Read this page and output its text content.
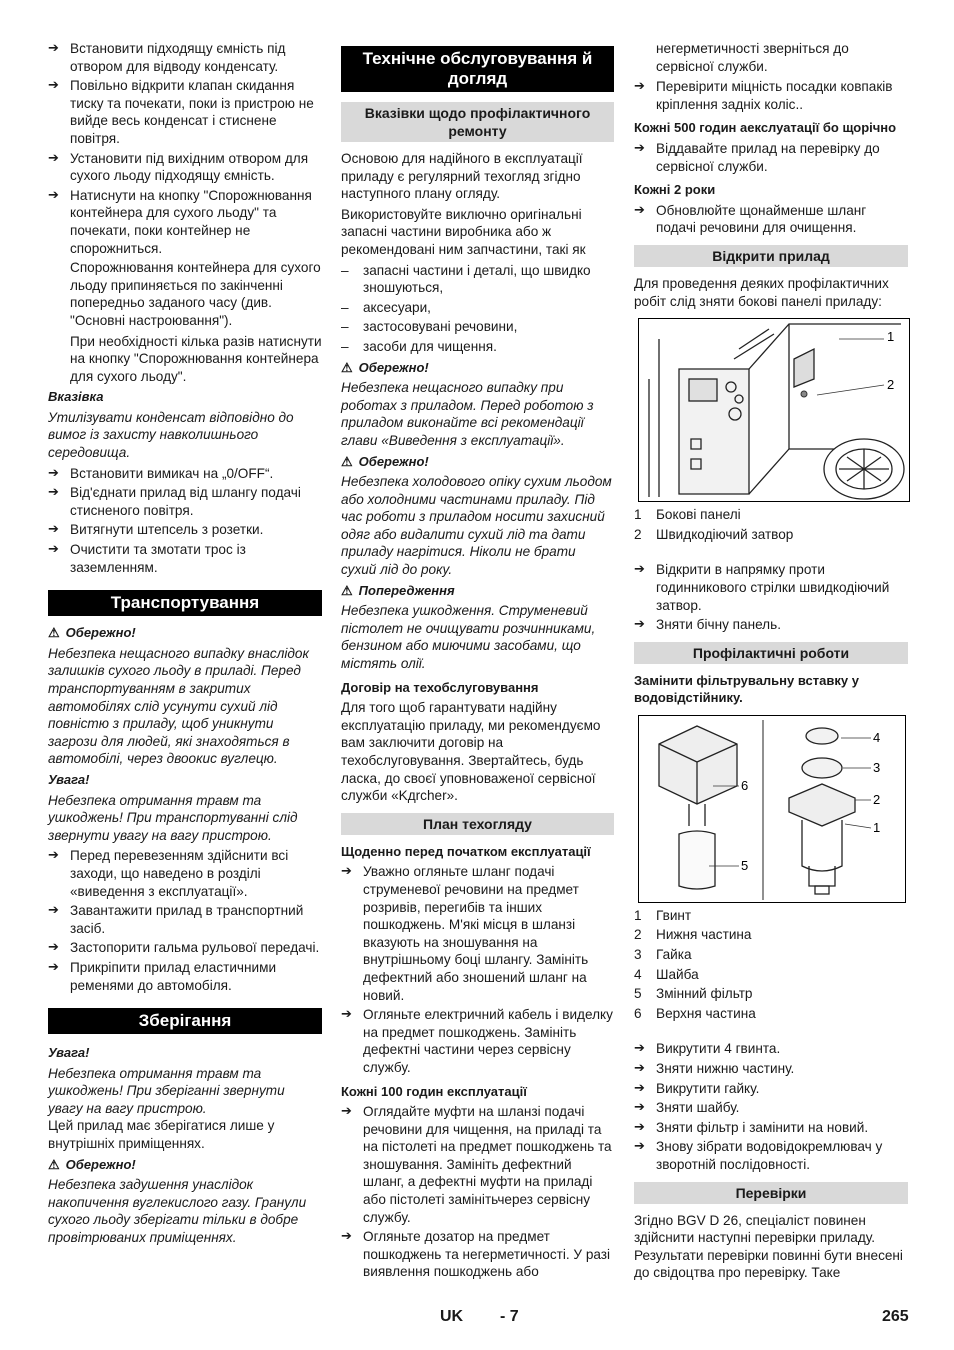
➔ Встановити підходящу ємність під отвором для відводу конденсату.

➔ Повільно відкрити клапан скидання тиску та почекати, поки із пристрою не вийде весь конденсат і стиснене повітря.

➔ Установити під вихідним отвором для сухого льоду підходящу ємність.

➔ Натиснути на кнопку "Спорожнювання контейнера для сухого льоду" та почекати, поки контейнер не спорожниться.

Спорожнювання контейнера для сухого льоду припиняється по закінченні попередньо заданого часу (див. "Основні настроювання").

При необхідності кілька разів натиснути на кнопку "Спорожнювання контейнера для сухого льоду".

Вказівка

Утилізувати конденсат відповідно до вимог із захисту навколишнього середовища.

➔ Встановити вимикач на „0/OFF“.

➔ Від'єднати прилад від шлангу подачі стисненого повітря.

➔ Витягнути штепсель з розетки.

➔ Очистити та змотати трос із заземленням.

Транспортування

⚠ Обережно!

Небезпека нещасного випадку внаслідок залишків сухого льоду в приладі. Перед транспортуванням в закритих автомобілях слід усунути сухий лід повністю з приладу, щоб уникнути загрози для людей, які знаходяться в автомобілі, через двоокис вуглецю.

Увага!

Небезпека отримання травм та ушкоджень! При транспортуванні слід звернути увагу на вагу пристрою.

➔ Перед перевезенням здійснити всі заходи, що наведено в розділі «виведення з експлуатації».

➔ Завантажити прилад в транспортний засіб.

➔ Застопорити гальма рульової передачі.

➔ Прикріпити прилад еластичними ременями до автомобіля.

Зберігання

Увага!

Небезпека отримання травм та ушкоджень! При зберіганні звернути увагу на вагу пристрою.

Цей прилад має зберігатися лише у внутрішніх приміщеннях.

⚠ Обережно!

Небезпека задушення унаслідок накопичення вуглекислого газу. Гранули сухого льоду зберігати тільки в добре провітрюваних приміщеннях.

Технічне обслуговування й догляд
Вказівки щодо профілактичного ремонту

Основою для надійного в експлуатації приладу є регулярний техогляд згідно наступного плану огляду.

Використовуйте виключно оригінальні запасні частини виробника або ж рекомендовані ним запчастини, такі як

– запасні частини і деталі, що швидко зношуються,

– аксесуари,

– застосовувані речовини,

– засоби для чищення.

⚠ Обережно!

Небезпека нещасного випадку при роботах з приладом. Перед роботою з приладом виконайте всі рекомендації глави «Виведення з експлуатації».

⚠ Обережно!

Небезпека холодового опіку сухим льодом або холодними частинами приладу. Під час роботи з приладом носити захисний одяг або видалити сухий лід та дати приладу нагрітися. Ніколи не брати сухий лід до року.

⚠ Попередження

Небезпека ушкодження. Струменевий пістолет не очищувати розчинниками, бензином або миючими засобами, що містять олії.

Договір на техобслуговування

Для того щоб гарантувати надійну експлуатацію приладу, ми рекомендуємо вам заключити договір на техобслуговування. Звертайтесь, будь ласка, до своєї уповноваженої сервісної служби «Kдrcher».

План техогляду

Щоденно перед початком експлуатації

➔ Уважно огляньте шланг подачі струменевої речовини на предмет розривів, перегибів та інших пошкоджень. М'які місця в шланзі вказують на зношування на внутрішньому боці шлангу. Замініть дефектний або зношений шланг на новий.

➔ Огляньте електричний кабель і виделку на предмет пошкоджень. Замініть дефектні частини через сервісну службу.

Кожні 100 годин експлуатації

➔ Оглядайте муфти на шланзі подачі речовини для чищення, на приладі та на пістолеті на предмет пошкоджень та зношування. Замініть дефектний шланг, а дефектні муфти на приладі або пістолеті замінітьчерез сервісну службу.

➔ Огляньте дозатор на предмет пошкоджень та негерметичності. У разі виявлення пошкоджень або

негерметичності зверніться до сервісної служби.

➔ Перевірити міцність посадки ковпаків кріплення задніх коліс..

Кожні 500 годин аекслуатації бо щорічно

➔ Віддавайте прилад на перевірку до сервісної служби.

Кожні 2 роки

➔ Обновлюйте щонайменше шланг подачі речовини для очищення.

Відкрити прилад

Для проведення деяких профілактичних робіт слід зняти бокові панелі приладу:

1
2
1	Бокові панелі
2	Швидкодіючий затвор

➔ Відкрити в напрямку проти годинникового стрілки швидкодіючий затвор.

➔ Зняти бічну панель.

Профілактичні роботи

Замінити фільтрувальну вставку у водовідстійнику.

6
5
4
3
2
1
1	Гвинт
2	Нижня частина
3	Гайка
4	Шайба
5	Змінний фільтр
6	Верхня частина

➔ Викрутити 4 гвинта.

➔ Зняти нижню частину.

➔ Викрутити гайку.

➔ Зняти шайбу.

➔ Зняти фільтр і замінити на новий.

➔ Знову зібрати водовідокремлювач у зворотній послідовності.

Перевірки

Згідно BGV D 26, спеціаліст повинен здійснити наступні перевірки приладу. Результати перевірки повинні бути внесені до свідоцтва про перевірку. Таке

UK - 7	265
